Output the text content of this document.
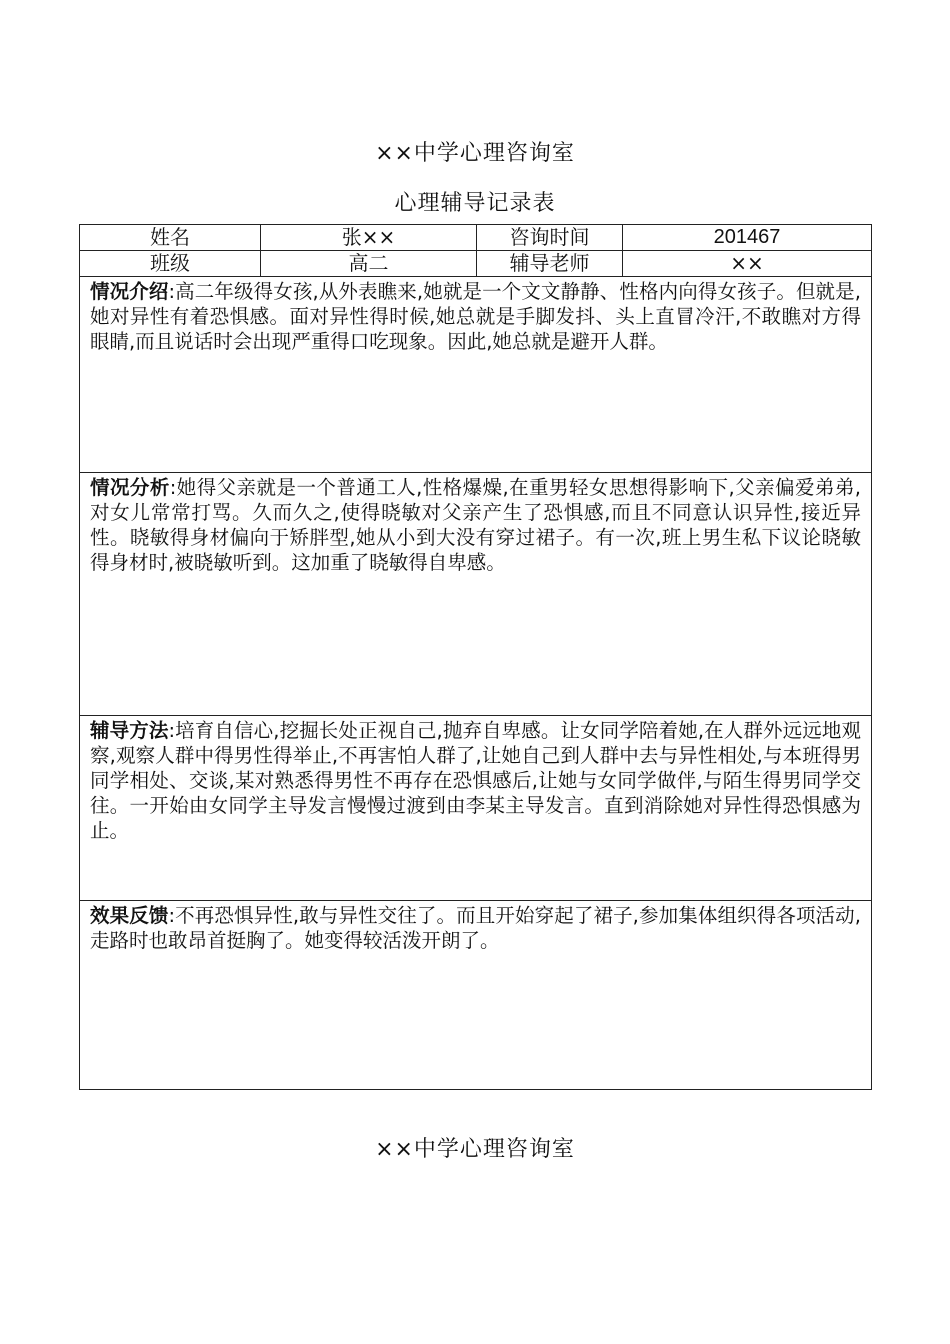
××中学心理咨询室
心理辅导记录表
姓名	张××	咨询时间	201467
班级	高二	辅导老师	××
情况介绍:高二年级得女孩,从外表瞧来,她就是一个文文静静、性格内向得女孩子。但就是,她对异性有着恐惧感。面对异性得时候,她总就是手脚发抖、头上直冒冷汗,不敢瞧对方得眼睛,而且说话时会出现严重得口吃现象。因此,她总就是避开人群。			
情况分析:她得父亲就是一个普通工人,性格爆燥,在重男轻女思想得影响下,父亲偏爱弟弟,对女儿常常打骂。久而久之,使得晓敏对父亲产生了恐惧感,而且不同意认识异性,接近异性。晓敏得身材偏向于矫胖型,她从小到大没有穿过裙子。有一次,班上男生私下议论晓敏得身材时,被晓敏听到。这加重了晓敏得自卑感。			
辅导方法:培育自信心,挖掘长处正视自己,抛弃自卑感。让女同学陪着她,在人群外远远地观察,观察人群中得男性得举止,不再害怕人群了,让她自己到人群中去与异性相处,与本班得男同学相处、交谈,某对熟悉得男性不再存在恐惧感后,让她与女同学做伴,与陌生得男同学交往。一开始由女同学主导发言慢慢过渡到由李某主导发言。直到消除她对异性得恐惧感为止。			
效果反馈:不再恐惧异性,敢与异性交往了。而且开始穿起了裙子,参加集体组织得各项活动,走路时也敢昂首挺胸了。她变得较活泼开朗了。			
××中学心理咨询室
